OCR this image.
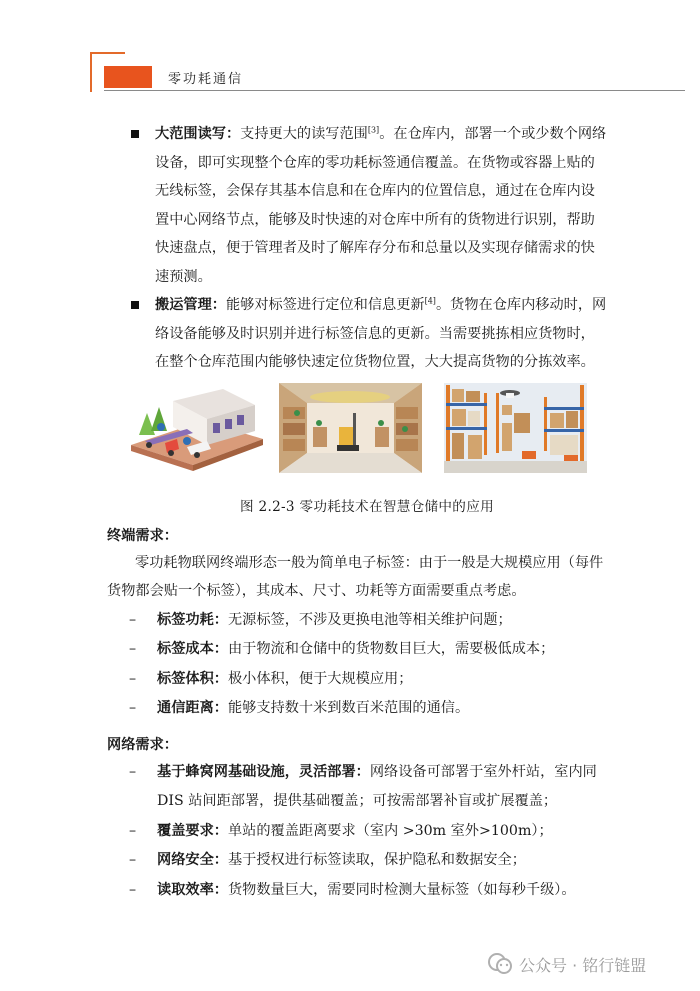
零功耗通信
大范围读写：支持更大的读写范围[3]。在仓库内，部署一个或少数个网络设备，即可实现整个仓库的零功耗标签通信覆盖。在货物或容器上贴的无线标签，会保存其基本信息和在仓库内的位置信息，通过在仓库内设置中心网络节点，能够及时快速的对仓库中所有的货物进行识别，帮助快速盘点，便于管理者及时了解库存分布和总量以及实现存储需求的快速预测。
搬运管理：能够对标签进行定位和信息更新[4]。货物在仓库内移动时，网络设备能够及时识别并进行标签信息的更新。当需要挑拣相应货物时，在整个仓库范围内能够快速定位货物位置，大大提高货物的分拣效率。
图 2.2-3 零功耗技术在智慧仓储中的应用
终端需求：
零功耗物联网终端形态一般为简单电子标签：由于一般是大规模应用（每件货物都会贴一个标签），其成本、尺寸、功耗等方面需要重点考虑。
– 标签功耗：无源标签，不涉及更换电池等相关维护问题；
– 标签成本：由于物流和仓储中的货物数目巨大，需要极低成本；
– 标签体积：极小体积，便于大规模应用；
– 通信距离：能够支持数十米到数百米范围的通信。
网络需求：
– 基于蜂窝网基础设施，灵活部署：网络设备可部署于室外杆站，室内同DIS 站间距部署，提供基础覆盖；可按需部署补盲或扩展覆盖；
– 覆盖要求：单站的覆盖距离要求（室内 >30m 室外>100m）；
– 网络安全：基于授权进行标签读取，保护隐私和数据安全；
– 读取效率：货物数量巨大，需要同时检测大量标签（如每秒千级）。
公众号 · 铭行链盟
